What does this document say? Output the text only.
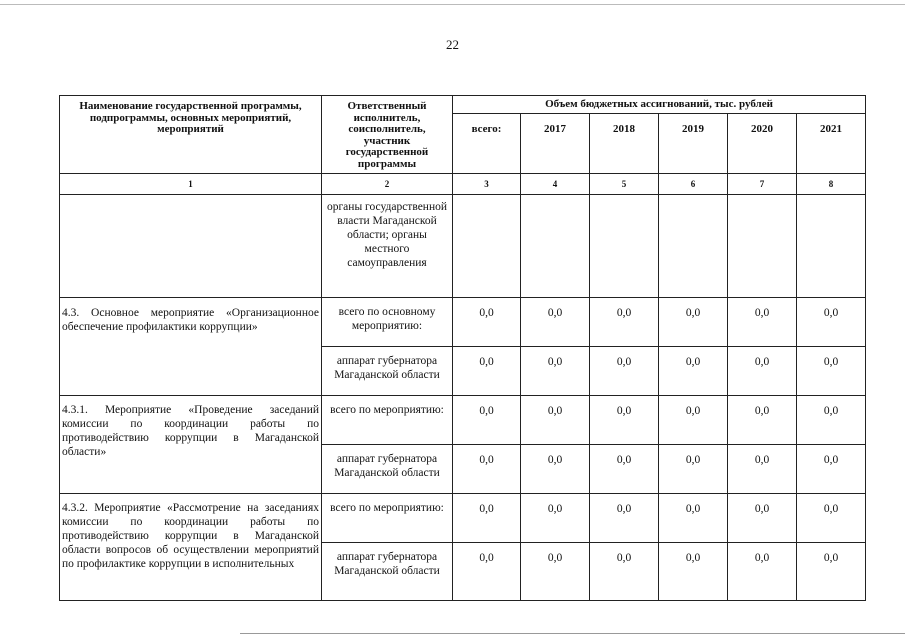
22
Наименование государственной программы, подпрограммы, основных мероприятий, мероприятий	Ответственный исполнитель, соисполнитель, участник государственной программы	Объем бюджетных ассигнований, тыс. рублей					
		всего:	2017	2018	2019	2020	2021
1	2	3	4	5	6	7	8
	органы государственной власти Магаданской области; органы местного самоуправления						
4.3. Основное мероприятие «Организационное обеспечение профилактики коррупции»	всего по основному мероприятию:	0,0	0,0	0,0	0,0	0,0	0,0
	аппарат губернатора Магаданской области	0,0	0,0	0,0	0,0	0,0	0,0
4.3.1. Мероприятие «Проведение заседаний комиссии по координации работы по противодействию коррупции в Магаданской области»	всего по мероприятию:	0,0	0,0	0,0	0,0	0,0	0,0
	аппарат губернатора Магаданской области	0,0	0,0	0,0	0,0	0,0	0,0
4.3.2. Мероприятие «Рассмотрение на заседаниях комиссии по координации работы по противодействию коррупции в Магаданской области вопросов об осуществлении мероприятий по профилактике коррупции в исполнительных	всего по мероприятию:	0,0	0,0	0,0	0,0	0,0	0,0
	аппарат губернатора Магаданской области	0,0	0,0	0,0	0,0	0,0	0,0
